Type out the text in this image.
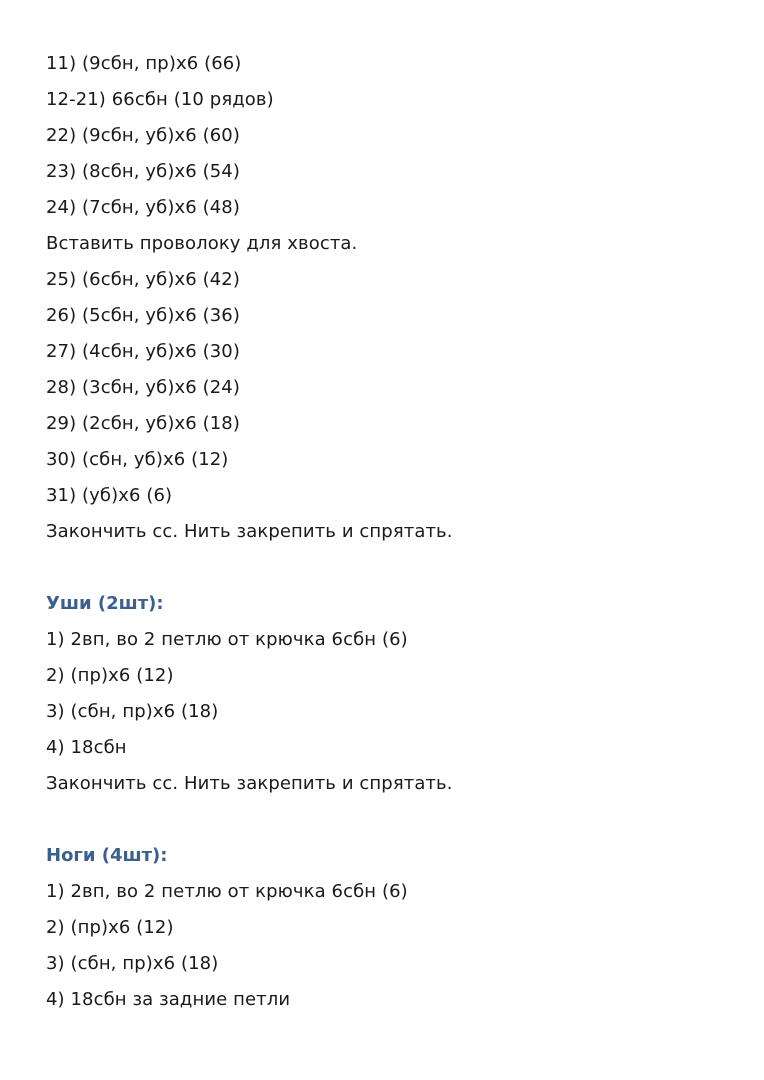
11) (9сбн, пр)х6 (66)
12-21) 66сбн (10 рядов)
22) (9сбн, уб)х6 (60)
23) (8сбн, уб)х6 (54)
24) (7сбн, уб)х6 (48)
Вставить проволоку для хвоста.
25) (6сбн, уб)х6 (42)
26) (5сбн, уб)х6 (36)
27) (4сбн, уб)х6 (30)
28) (3сбн, уб)х6 (24)
29) (2сбн, уб)х6 (18)
30) (сбн, уб)х6 (12)
31) (уб)х6 (6)
Закончить сс. Нить закрепить и спрятать.
Уши (2шт):
1) 2вп, во 2 петлю от крючка 6сбн (6)
2) (пр)х6 (12)
3) (сбн, пр)х6 (18)
4) 18сбн
Закончить сс. Нить закрепить и спрятать.
Ноги (4шт):
1) 2вп, во 2 петлю от крючка 6сбн (6)
2) (пр)х6 (12)
3) (сбн, пр)х6 (18)
4) 18сбн за задние петли
